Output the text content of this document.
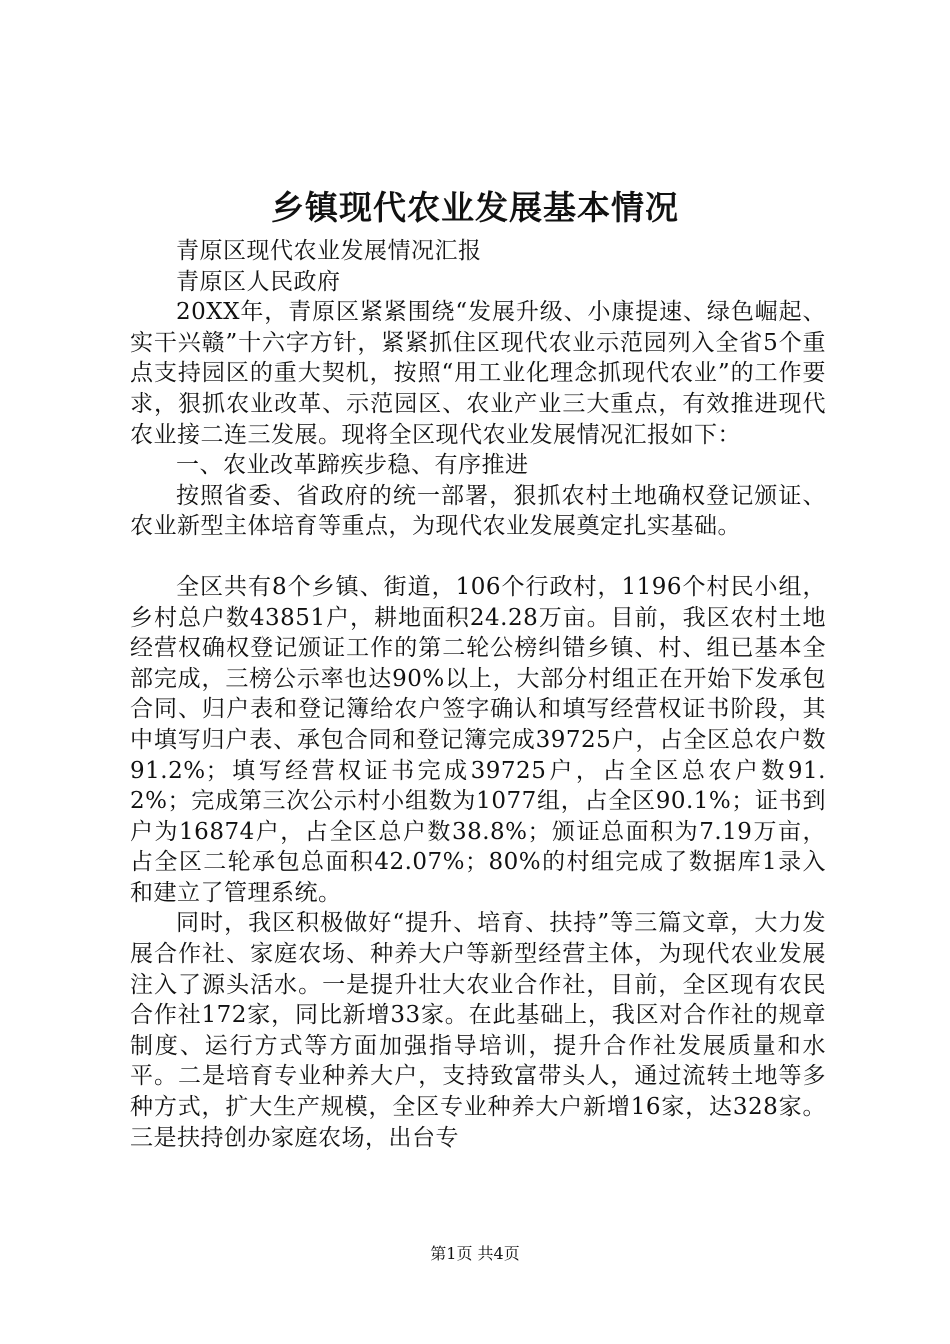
乡镇现代农业发展基本情况

青原区现代农业发展情况汇报

青原区人民政府

20XX年，青原区紧紧围绕“发展升级、小康提速、绿色崛起、实干兴赣”十六字方针，紧紧抓住区现代农业示范园列入全省5个重点支持园区的重大契机，按照“用工业化理念抓现代农业”的工作要求，狠抓农业改革、示范园区、农业产业三大重点，有效推进现代农业接二连三发展。现将全区现代农业发展情况汇报如下：

一、农业改革蹄疾步稳、有序推进

按照省委、省政府的统一部署，狠抓农村土地确权登记颁证、农业新型主体培育等重点，为现代农业发展奠定扎实基础。

全区共有8个乡镇、街道，106个行政村，1196个村民小组，乡村总户数43851户，耕地面积24.28万亩。目前，我区农村土地经营权确权登记颁证工作的第二轮公榜纠错乡镇、村、组已基本全部完成，三榜公示率也达90%以上，大部分村组正在开始下发承包合同、归户表和登记簿给农户签字确认和填写经营权证书阶段，其中填写归户表、承包合同和登记簿完成39725户，占全区总农户数91.2%；填写经营权证书完成39725户，占全区总农户数91.2%；完成第三次公示村小组数为1077组，占全区90.1%；证书到户为16874户，占全区总户数38.8%；颁证总面积为7.19万亩，占全区二轮承包总面积42.07%；80%的村组完成了数据库1录入和建立了管理系统。

同时，我区积极做好“提升、培育、扶持”等三篇文章，大力发展合作社、家庭农场、种养大户等新型经营主体，为现代农业发展注入了源头活水。一是提升壮大农业合作社，目前，全区现有农民合作社172家，同比新增33家。在此基础上，我区对合作社的规章制度、运行方式等方面加强指导培训，提升合作社发展质量和水平。二是培育专业种养大户，支持致富带头人，通过流转土地等多种方式，扩大生产规模，全区专业种养大户新增16家，达328家。三是扶持创办家庭农场，出台专

第1页 共4页
